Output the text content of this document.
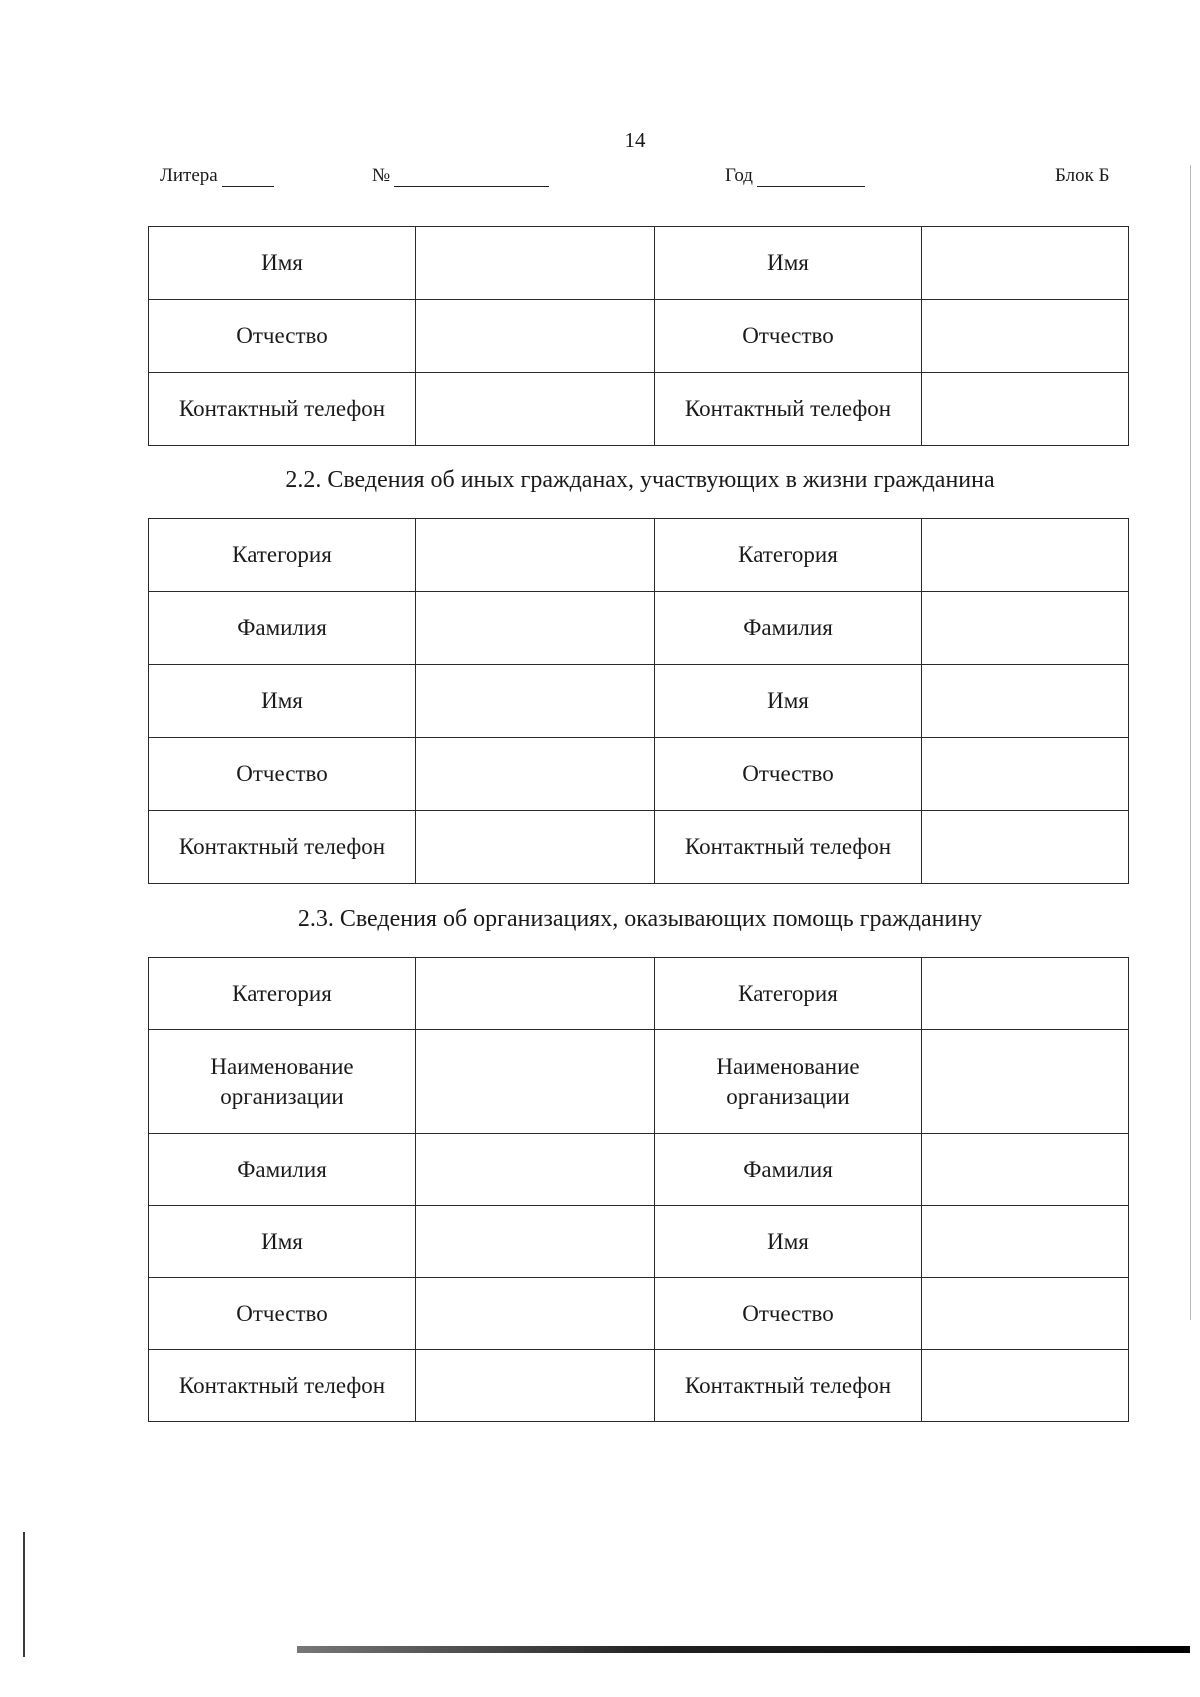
14
Литера	№	Год	Блок Б
Имя		Имя	
Отчество		Отчество	
Контактный телефон		Контактный телефон	
2.2. Сведения об иных гражданах, участвующих в жизни гражданина
Категория		Категория	
Фамилия		Фамилия	
Имя		Имя	
Отчество		Отчество	
Контактный телефон		Контактный телефон	
2.3. Сведения об организациях, оказывающих помощь гражданину
Категория		Категория	
Наименование организации		Наименование организации	
Фамилия		Фамилия	
Имя		Имя	
Отчество		Отчество	
Контактный телефон		Контактный телефон	
